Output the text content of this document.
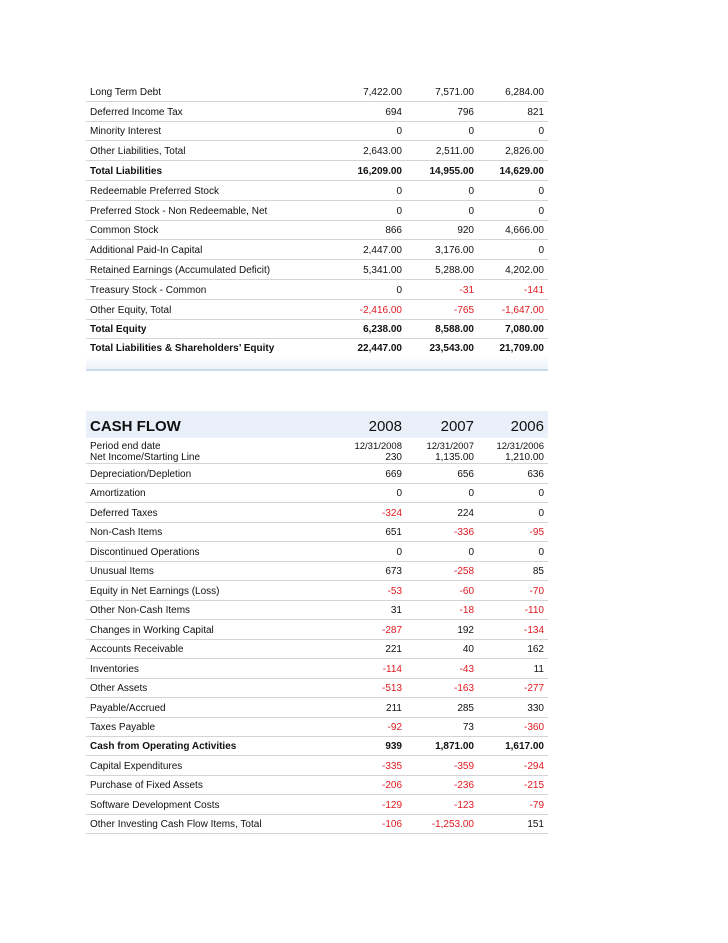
Long Term Debt	7,422.00	7,571.00	6,284.00
Deferred Income Tax	694	796	821
Minority Interest	0	0	0
Other Liabilities, Total	2,643.00	2,511.00	2,826.00
Total Liabilities	16,209.00	14,955.00	14,629.00
Redeemable Preferred Stock	0	0	0
Preferred Stock - Non Redeemable, Net	0	0	0
Common Stock	866	920	4,666.00
Additional Paid-In Capital	2,447.00	3,176.00	0
Retained Earnings (Accumulated Deficit)	5,341.00	5,288.00	4,202.00
Treasury Stock - Common	0	-31	-141
Other Equity, Total	-2,416.00	-765	-1,647.00
Total Equity	6,238.00	8,588.00	7,080.00
Total Liabilities & Shareholders’ Equity	22,447.00	23,543.00	21,709.00
CASH FLOW	2008	2007	2006
Period end date	12/31/2008	12/31/2007	12/31/2006
Net Income/Starting Line	230	1,135.00	1,210.00
Depreciation/Depletion	669	656	636
Amortization	0	0	0
Deferred Taxes	-324	224	0
Non-Cash Items	651	-336	-95
Discontinued Operations	0	0	0
Unusual Items	673	-258	85
Equity in Net Earnings (Loss)	-53	-60	-70
Other Non-Cash Items	31	-18	-110
Changes in Working Capital	-287	192	-134
Accounts Receivable	221	40	162
Inventories	-114	-43	11
Other Assets	-513	-163	-277
Payable/Accrued	211	285	330
Taxes Payable	-92	73	-360
Cash from Operating Activities	939	1,871.00	1,617.00
Capital Expenditures	-335	-359	-294
Purchase of Fixed Assets	-206	-236	-215
Software Development Costs	-129	-123	-79
Other Investing Cash Flow Items, Total	-106	-1,253.00	151
